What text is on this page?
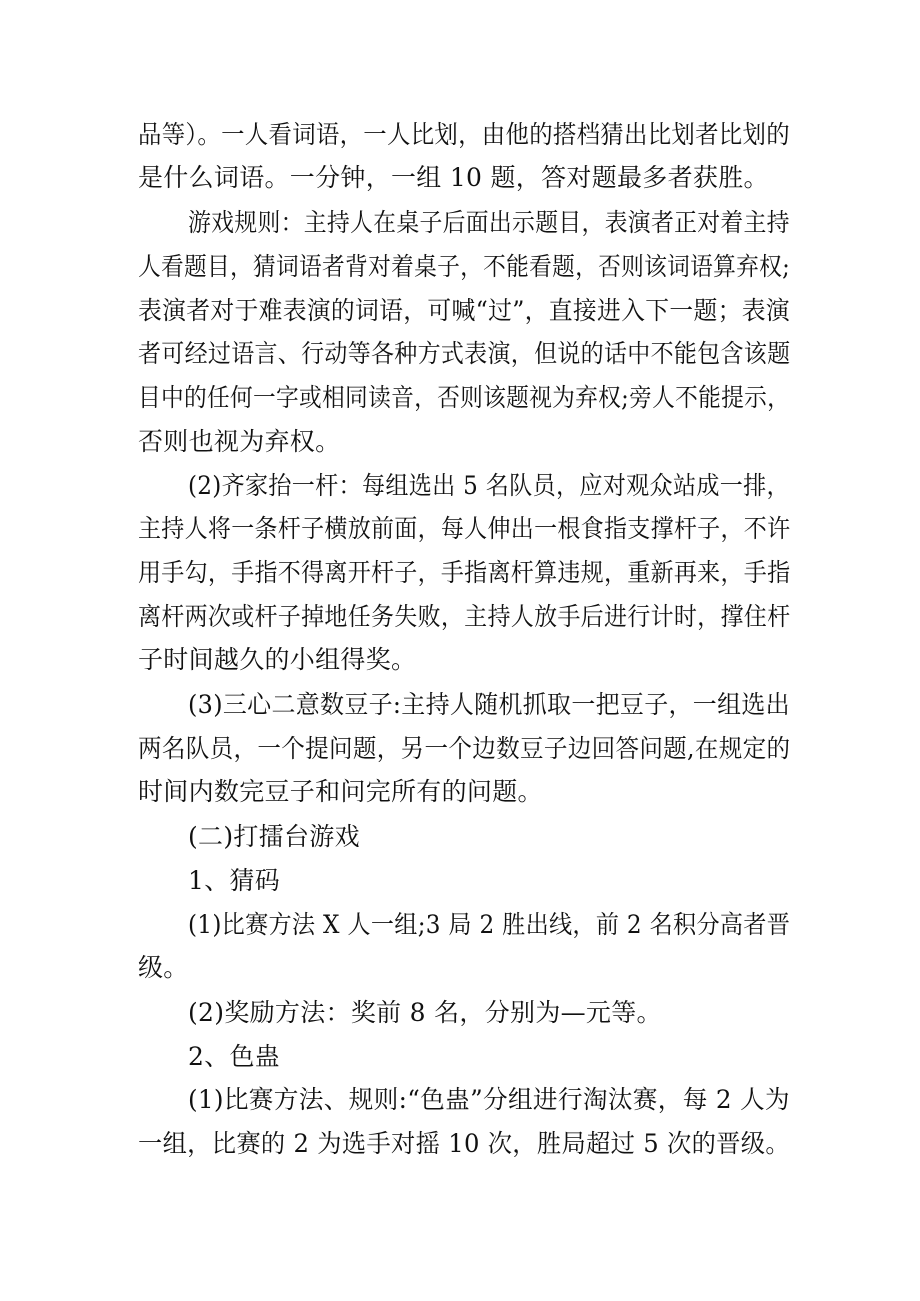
品等）。一人看词语，一人比划，由他的搭档猜出比划者比划的
是什么词语。一分钟，一组 10 题，答对题最多者获胜。
游戏规则：主持人在桌子后面出示题目，表演者正对着主持
人看题目，猜词语者背对着桌子，不能看题，否则该词语算弃权;
表演者对于难表演的词语，可喊“过”，直接进入下一题；表演
者可经过语言、行动等各种方式表演，但说的话中不能包含该题
目中的任何一字或相同读音，否则该题视为弃权;旁人不能提示，
否则也视为弃权。
(2)齐家抬一杆：每组选出 5 名队员，应对观众站成一排，
主持人将一条杆子横放前面，每人伸出一根食指支撑杆子，不许
用手勾，手指不得离开杆子，手指离杆算违规，重新再来，手指
离杆两次或杆子掉地任务失败，主持人放手后进行计时，撑住杆
子时间越久的小组得奖。
(3)三心二意数豆子:主持人随机抓取一把豆子，一组选出
两名队员，一个提问题，另一个边数豆子边回答问题,在规定的
时间内数完豆子和问完所有的问题。
(二)打擂台游戏
1、猜码
(1)比赛方法 X 人一组;3 局 2 胜出线，前 2 名积分高者晋
级。
(2)奖励方法：奖前 8 名，分别为—元等。
2、色蛊
(1)比赛方法、规则:“色蛊”分组进行淘汰赛，每 2 人为
一组，比赛的 2 为选手对摇 10 次，胜局超过 5 次的晋级。
